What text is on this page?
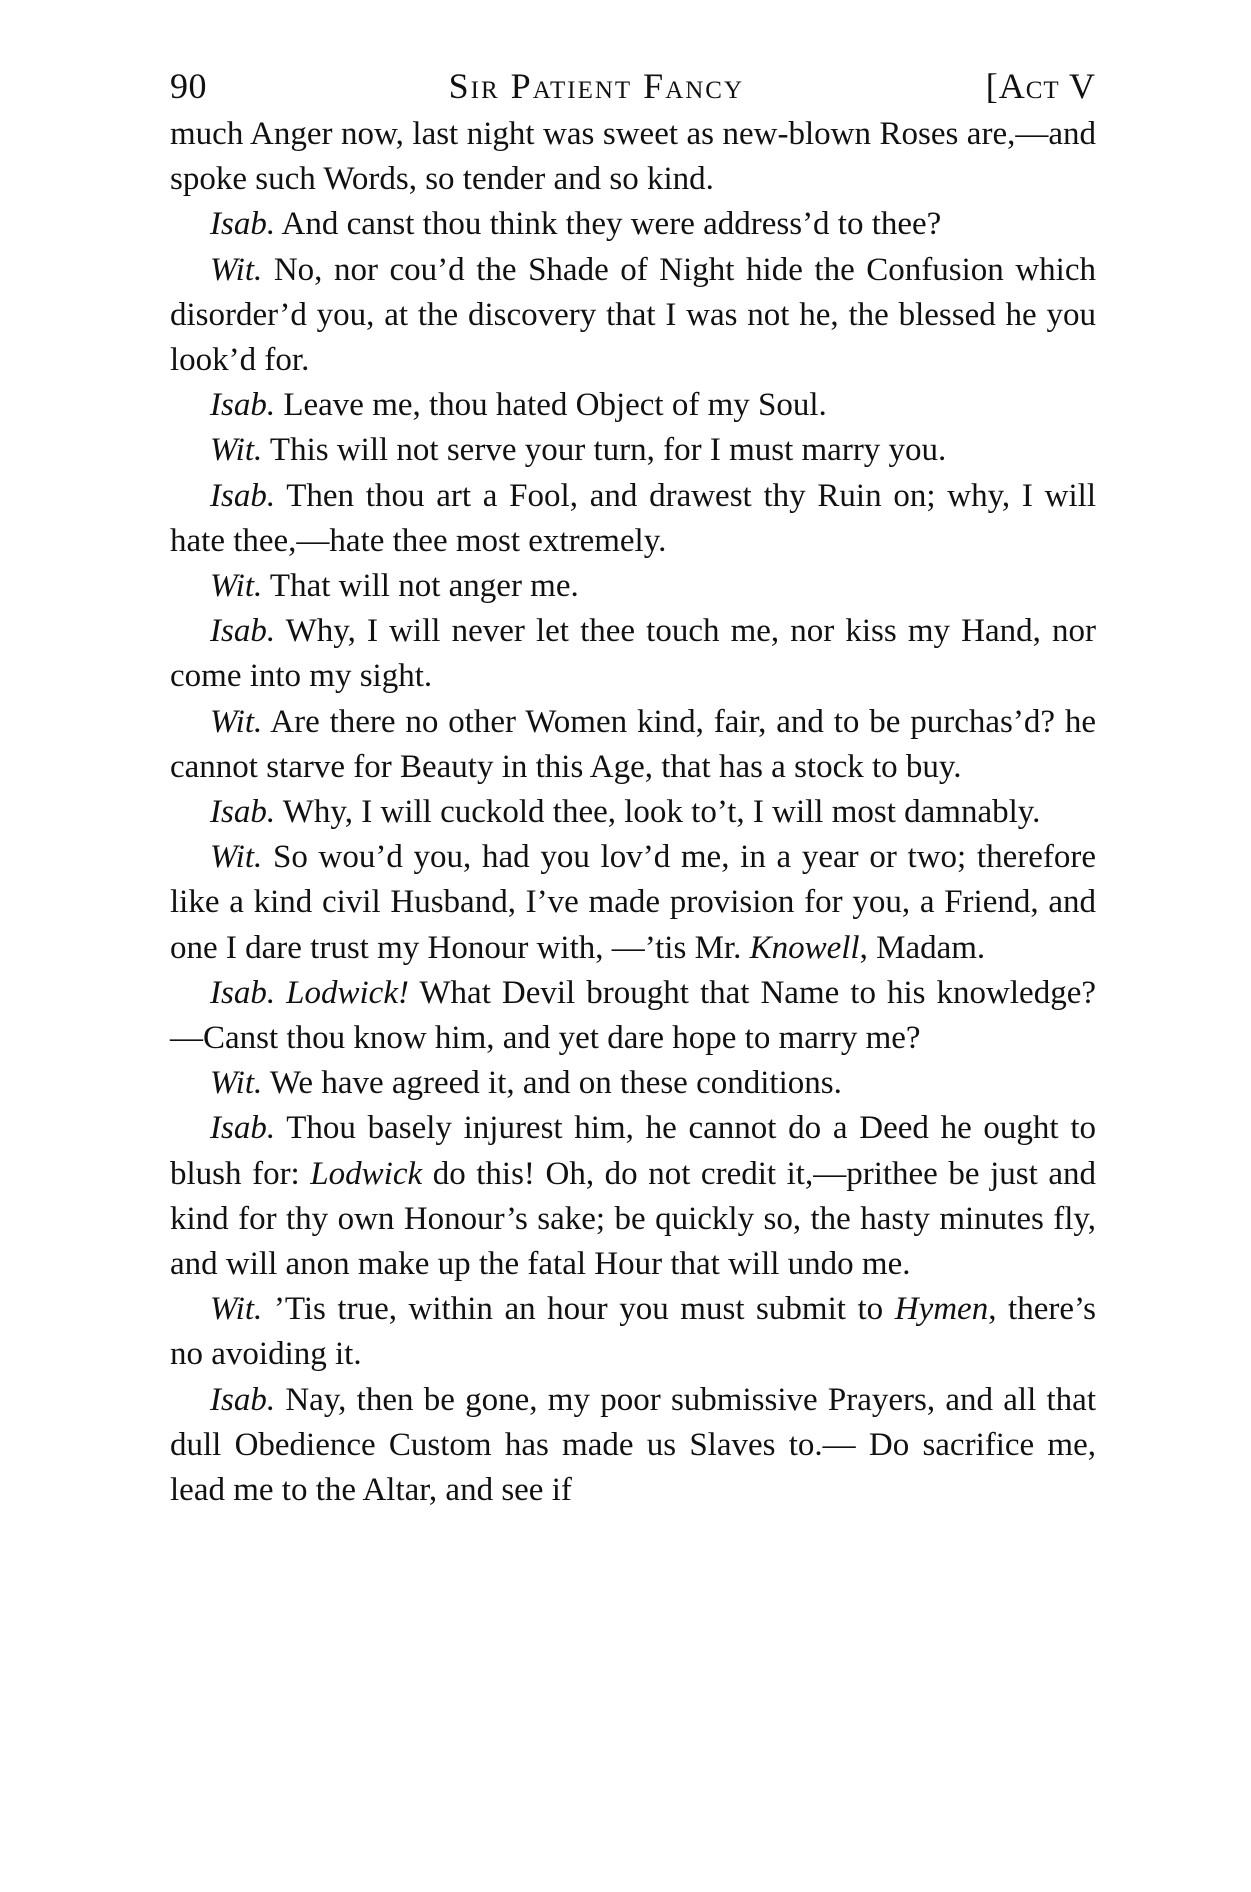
90	Sir Patient Fancy	[Act V

much Anger now, last night was sweet as new-blown Roses are,—and spoke such Words, so tender and so kind.

Isab. And canst thou think they were address’d to thee?

Wit. No, nor cou’d the Shade of Night hide the Confusion which disorder’d you, at the discovery that I was not he, the blessed he you look’d for.

Isab. Leave me, thou hated Object of my Soul.

Wit. This will not serve your turn, for I must marry you.

Isab. Then thou art a Fool, and drawest thy Ruin on; why, I will hate thee,—hate thee most extremely.

Wit. That will not anger me.

Isab. Why, I will never let thee touch me, nor kiss my Hand, nor come into my sight.

Wit. Are there no other Women kind, fair, and to be purchas’d? he cannot starve for Beauty in this Age, that has a stock to buy.

Isab. Why, I will cuckold thee, look to’t, I will most damnably.

Wit. So wou’d you, had you lov’d me, in a year or two; therefore like a kind civil Husband, I’ve made provision for you, a Friend, and one I dare trust my Honour with, —’tis Mr. Knowell, Madam.

Isab. Lodwick! What Devil brought that Name to his knowledge?—Canst thou know him, and yet dare hope to marry me?

Wit. We have agreed it, and on these conditions.

Isab. Thou basely injurest him, he cannot do a Deed he ought to blush for: Lodwick do this! Oh, do not credit it,—prithee be just and kind for thy own Honour’s sake; be quickly so, the hasty minutes fly, and will anon make up the fatal Hour that will undo me.

Wit. ’Tis true, within an hour you must submit to Hymen, there’s no avoiding it.

Isab. Nay, then be gone, my poor submissive Prayers, and all that dull Obedience Custom has made us Slaves to.— Do sacrifice me, lead me to the Altar, and see if
